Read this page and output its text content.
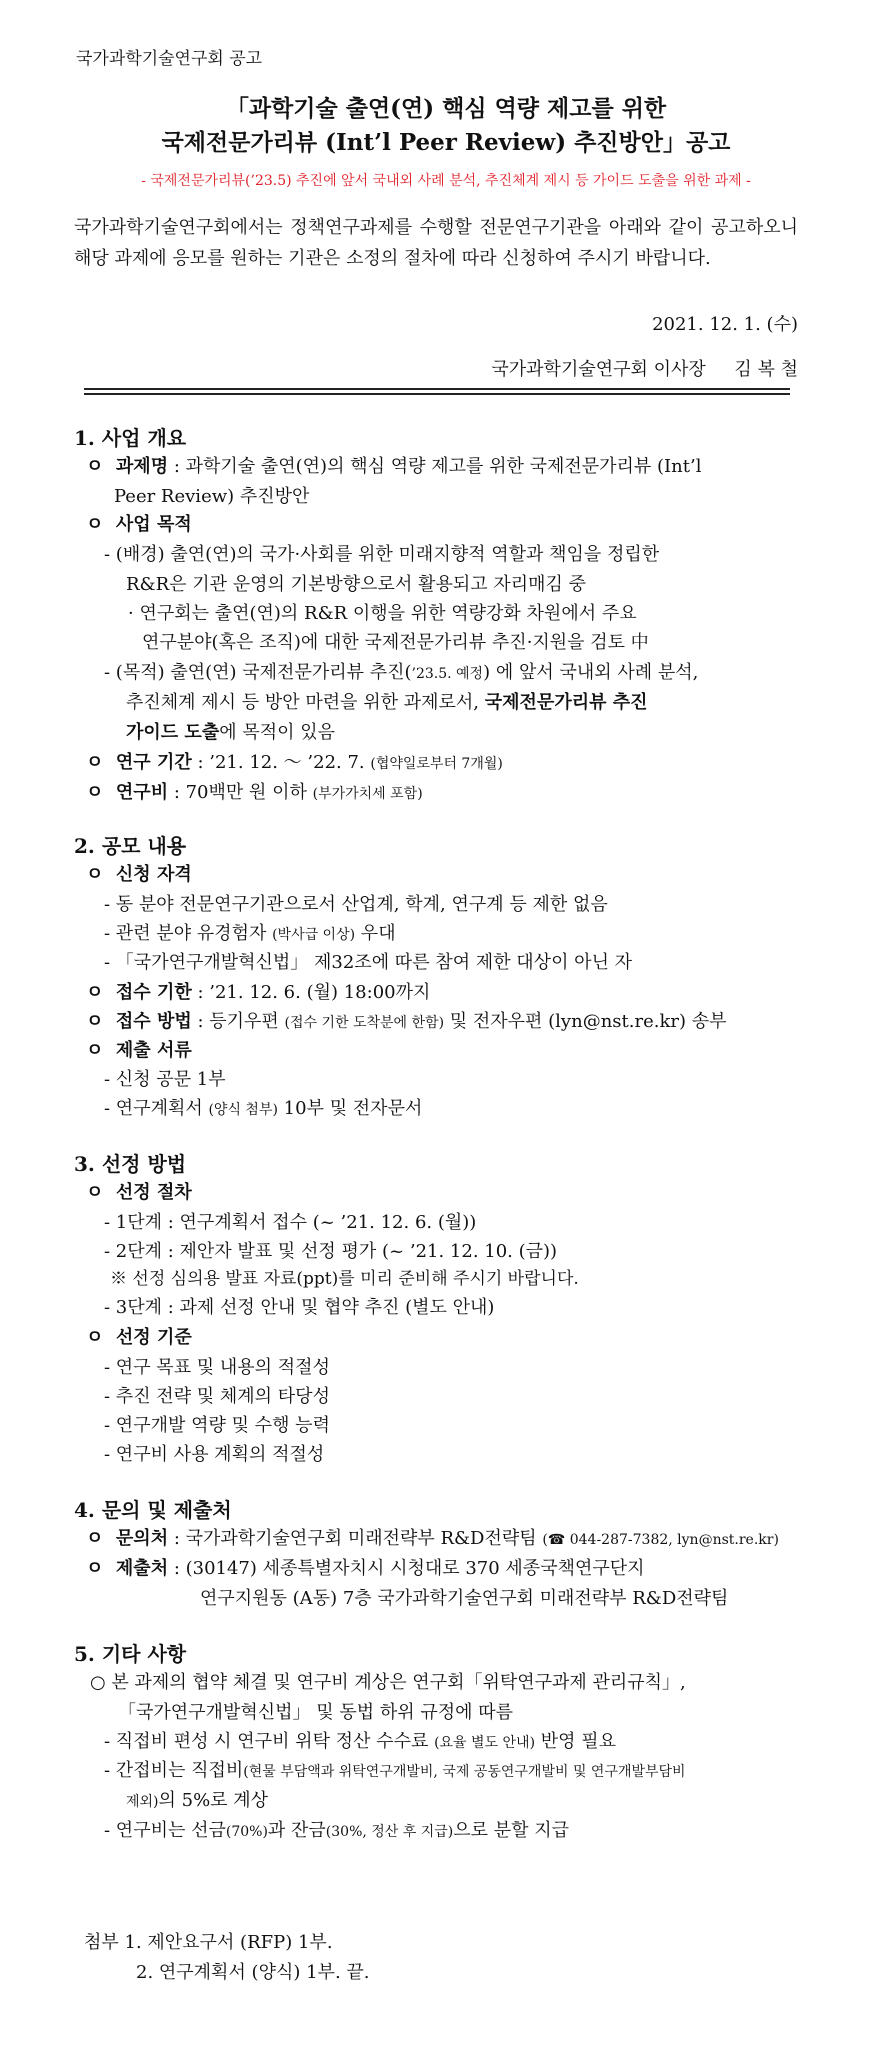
국가과학기술연구회 공고
「과학기술 출연(연) 핵심 역량 제고를 위한
국제전문가리뷰 (Int’l Peer Review) 추진방안」공고
- 국제전문가리뷰(’23.5) 추진에 앞서 국내외 사례 분석, 추진체계 제시 등 가이드 도출을 위한 과제 -
국가과학기술연구회에서는 정책연구과제를 수행할 전문연구기관을 아래와 같이 공고하오니 해당 과제에 응모를 원하는 기관은 소정의 절차에 따라 신청하여 주시기 바랍니다.
2021. 12. 1. (수)
국가과학기술연구회 이사장 김 복 철
1. 사업 개요
ㅇ  과제명 : 과학기술 출연(연)의 핵심 역량 제고를 위한 국제전문가리뷰 (Int’l
Peer Review) 추진방안
ㅇ  사업 목적
- (배경) 출연(연)의 국가·사회를 위한 미래지향적 역할과 책임을 정립한
R&R은 기관 운영의 기본방향으로서 활용되고 자리매김 중
· 연구회는 출연(연)의 R&R 이행을 위한 역량강화 차원에서 주요
연구분야(혹은 조직)에 대한 국제전문가리뷰 추진·지원을 검토 中
- (목적) 출연(연) 국제전문가리뷰 추진(’23.5. 예정) 에 앞서 국내외 사례 분석,
추진체계 제시 등 방안 마련을 위한 과제로서, 국제전문가리뷰 추진
가이드 도출에 목적이 있음
ㅇ  연구 기간 : ’21. 12. ～ ’22. 7. (협약일로부터 7개월)
ㅇ  연구비 : 70백만 원 이하 (부가가치세 포함)
2. 공모 내용
ㅇ  신청 자격
- 동 분야 전문연구기관으로서 산업계, 학계, 연구계 등 제한 없음
- 관련 분야 유경험자 (박사급 이상) 우대
- 「국가연구개발혁신법」 제32조에 따른 참여 제한 대상이 아닌 자
ㅇ  접수 기한 : ’21. 12. 6. (월) 18:00까지
ㅇ  접수 방법 : 등기우편 (접수 기한 도착분에 한함) 및 전자우편 (lyn@nst.re.kr) 송부
ㅇ  제출 서류
- 신청 공문 1부
- 연구계획서 (양식 첨부) 10부 및 전자문서
3. 선정 방법
ㅇ  선정 절차
- 1단계 : 연구계획서 접수 (~ ’21. 12. 6. (월))
- 2단계 : 제안자 발표 및 선정 평가 (~ ’21. 12. 10. (금))
※ 선정 심의용 발표 자료(ppt)를 미리 준비해 주시기 바랍니다.
- 3단계 : 과제 선정 안내 및 협약 추진 (별도 안내)
ㅇ  선정 기준
- 연구 목표 및 내용의 적절성
- 추진 전략 및 체계의 타당성
- 연구개발 역량 및 수행 능력
- 연구비 사용 계획의 적절성
4. 문의 및 제출처
ㅇ  문의처 : 국가과학기술연구회 미래전략부 R&D전략팀 (☎ 044-287-7382, lyn@nst.re.kr)
ㅇ  제출처 : (30147) 세종특별자치시 시청대로 370 세종국책연구단지
연구지원동 (A동) 7층 국가과학기술연구회 미래전략부 R&D전략팀
5. 기타 사항
○ 본 과제의 협약 체결 및 연구비 계상은 연구회「위탁연구과제 관리규칙」,
「국가연구개발혁신법」 및 동법 하위 규정에 따름
- 직접비 편성 시 연구비 위탁 정산 수수료 (요율 별도 안내) 반영 필요
- 간접비는 직접비(현물 부담액과 위탁연구개발비, 국제 공동연구개발비 및 연구개발부담비
제외)의 5%로 계상
- 연구비는 선금(70%)과 잔금(30%, 정산 후 지급)으로 분할 지급
첨부 1. 제안요구서 (RFP) 1부.
2. 연구계획서 (양식) 1부. 끝.
